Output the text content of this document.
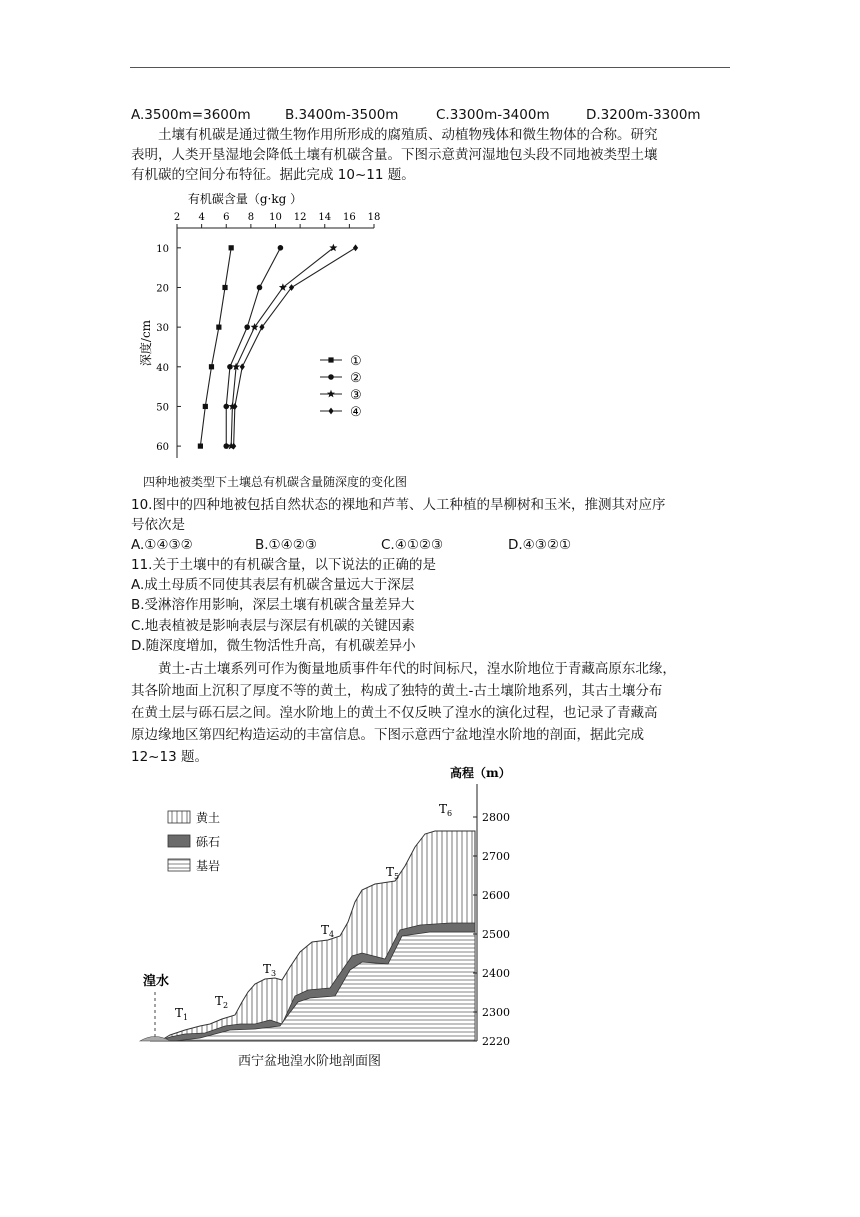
A.3500m=3600m	B.3400m-3500m	C.3300m-3400m	D.3200m-3300m
土壤有机碳是通过微生物作用所形成的腐殖质、动植物残体和微生物体的合称。研究
表明，人类开垦湿地会降低土壤有机碳含量。下图示意黄河湿地包头段不同地被类型土壤
有机碳的空间分布特征。据此完成 10~11 题。
有机碳含量（g·kg ）
2 4 6 8 10 12 14 16 18
深度/cm
10
20
30
40
50
60
①
②
③
④
四种地被类型下土壤总有机碳含量随深度的变化图
10.图中的四种地被包括自然状态的裸地和芦苇、人工种植的旱柳树和玉米，推测其对应序
号依次是
A.①④③②	B.①④②③	C.④①②③	D.④③②①
11.关于土壤中的有机碳含量，以下说法的正确的是
A.成土母质不同使其表层有机碳含量远大于深层
B.受淋溶作用影响，深层土壤有机碳含量差异大
C.地表植被是影响表层与深层有机碳的关键因素
D.随深度增加，微生物活性升高，有机碳差异小
黄土-古土壤系列可作为衡量地质事件年代的时间标尺，湟水阶地位于青藏高原东北缘，
其各阶地面上沉积了厚度不等的黄土，构成了独特的黄土-古土壤阶地系列，其古土壤分布
在黄土层与砾石层之间。湟水阶地上的黄土不仅反映了湟水的演化过程，也记录了青藏高
原边缘地区第四纪构造运动的丰富信息。下图示意西宁盆地湟水阶地的剖面，据此完成
12~13 题。
湟水
$T_1$
$T_2$
$T_3$
$T_4$
$T_5$
$T_6$
高程（m）
2800
2700
2600
2500
2400
2300
2220
黄土
砾石
基岩
西宁盆地湟水阶地剖面图
